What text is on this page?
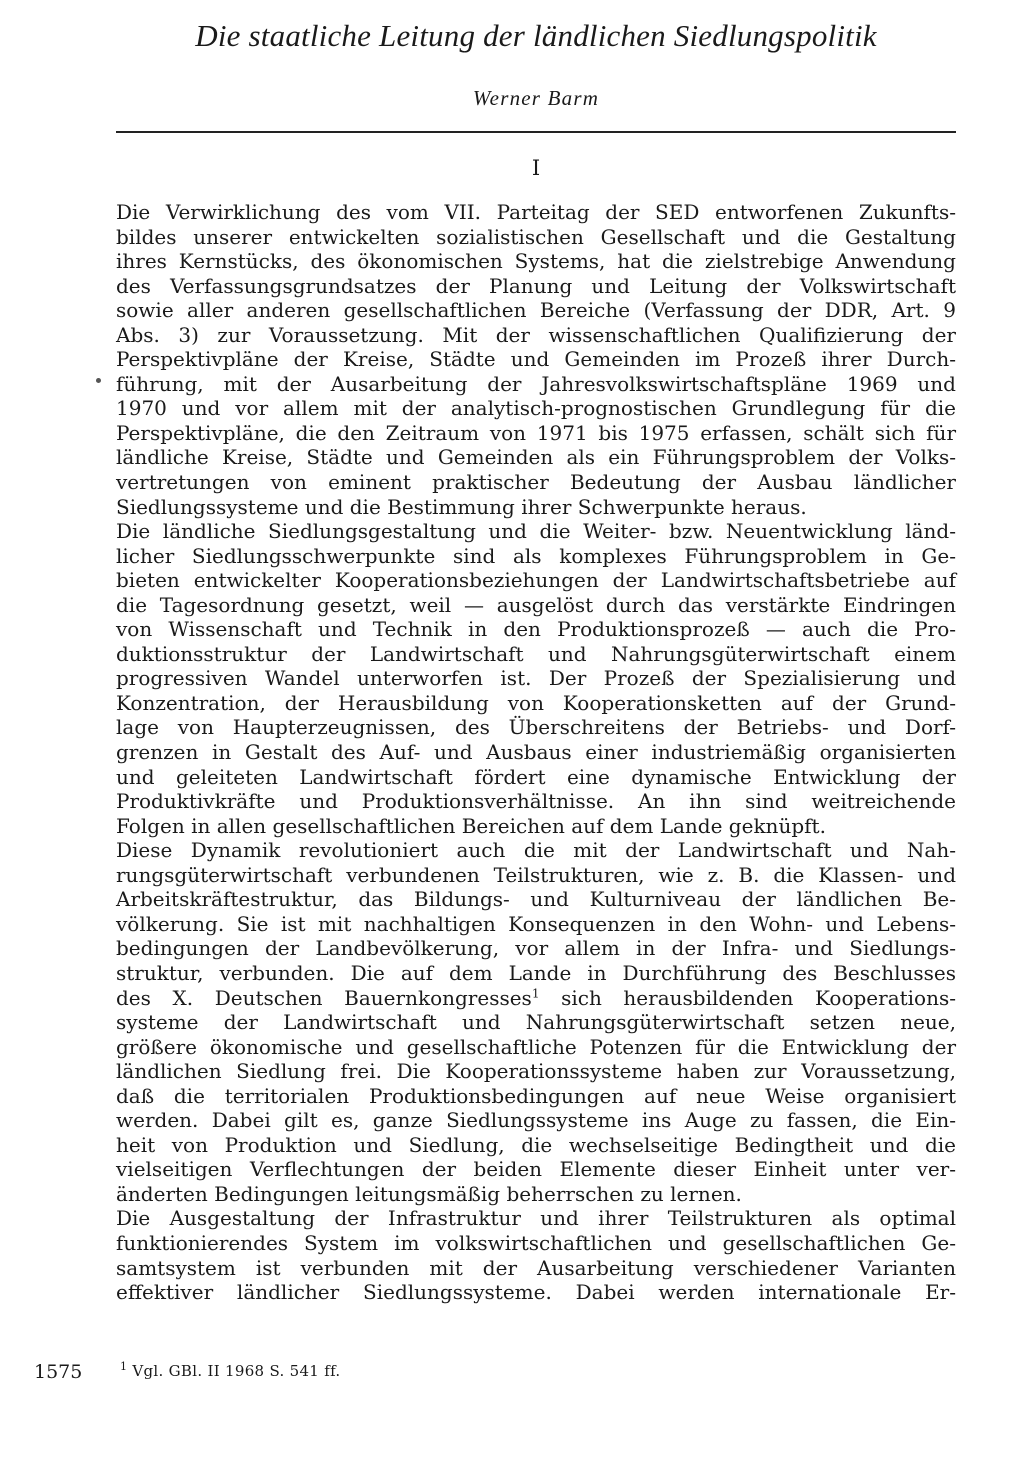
Die staatliche Leitung der ländlichen Siedlungspolitik
Werner Barm
I
Die Verwirklichung des vom VII. Parteitag der SED entworfenen Zukunfts-
bildes unserer entwickelten sozialistischen Gesellschaft und die Gestaltung
ihres Kernstücks, des ökonomischen Systems, hat die zielstrebige Anwendung
des Verfassungsgrundsatzes der Planung und Leitung der Volkswirtschaft
sowie aller anderen gesellschaftlichen Bereiche (Verfassung der DDR, Art. 9
Abs. 3) zur Voraussetzung. Mit der wissenschaftlichen Qualifizierung der
Perspektivpläne der Kreise, Städte und Gemeinden im Prozeß ihrer Durch-
führung, mit der Ausarbeitung der Jahresvolkswirtschaftspläne 1969 und
1970 und vor allem mit der analytisch-prognostischen Grundlegung für die
Perspektivpläne, die den Zeitraum von 1971 bis 1975 erfassen, schält sich für
ländliche Kreise, Städte und Gemeinden als ein Führungsproblem der Volks-
vertretungen von eminent praktischer Bedeutung der Ausbau ländlicher
Siedlungssysteme und die Bestimmung ihrer Schwerpunkte heraus.
Die ländliche Siedlungsgestaltung und die Weiter- bzw. Neuentwicklung länd-
licher Siedlungsschwerpunkte sind als komplexes Führungsproblem in Ge-
bieten entwickelter Kooperationsbeziehungen der Landwirtschaftsbetriebe auf
die Tagesordnung gesetzt, weil — ausgelöst durch das verstärkte Eindringen
von Wissenschaft und Technik in den Produktionsprozeß — auch die Pro-
duktionsstruktur der Landwirtschaft und Nahrungsgüterwirtschaft einem
progressiven Wandel unterworfen ist. Der Prozeß der Spezialisierung und
Konzentration, der Herausbildung von Kooperationsketten auf der Grund-
lage von Haupterzeugnissen, des Überschreitens der Betriebs- und Dorf-
grenzen in Gestalt des Auf- und Ausbaus einer industriemäßig organisierten
und geleiteten Landwirtschaft fördert eine dynamische Entwicklung der
Produktivkräfte und Produktionsverhältnisse. An ihn sind weitreichende
Folgen in allen gesellschaftlichen Bereichen auf dem Lande geknüpft.
Diese Dynamik revolutioniert auch die mit der Landwirtschaft und Nah-
rungsgüterwirtschaft verbundenen Teilstrukturen, wie z. B. die Klassen- und
Arbeitskräftestruktur, das Bildungs- und Kulturniveau der ländlichen Be-
völkerung. Sie ist mit nachhaltigen Konsequenzen in den Wohn- und Lebens-
bedingungen der Landbevölkerung, vor allem in der Infra- und Siedlungs-
struktur, verbunden. Die auf dem Lande in Durchführung des Beschlusses
des X. Deutschen Bauernkongresses$^1$ sich herausbildenden Kooperations-
systeme der Landwirtschaft und Nahrungsgüterwirtschaft setzen neue,
größere ökonomische und gesellschaftliche Potenzen für die Entwicklung der
ländlichen Siedlung frei. Die Kooperationssysteme haben zur Voraussetzung,
daß die territorialen Produktionsbedingungen auf neue Weise organisiert
werden. Dabei gilt es, ganze Siedlungssysteme ins Auge zu fassen, die Ein-
heit von Produktion und Siedlung, die wechselseitige Bedingtheit und die
vielseitigen Verflechtungen der beiden Elemente dieser Einheit unter ver-
änderten Bedingungen leitungsmäßig beherrschen zu lernen.
Die Ausgestaltung der Infrastruktur und ihrer Teilstrukturen als optimal
funktionierendes System im volkswirtschaftlichen und gesellschaftlichen Ge-
samtsystem ist verbunden mit der Ausarbeitung verschiedener Varianten
effektiver ländlicher Siedlungssysteme. Dabei werden internationale Er-
1575	$^1$ Vgl. GBl. II 1968 S. 541 ff.
